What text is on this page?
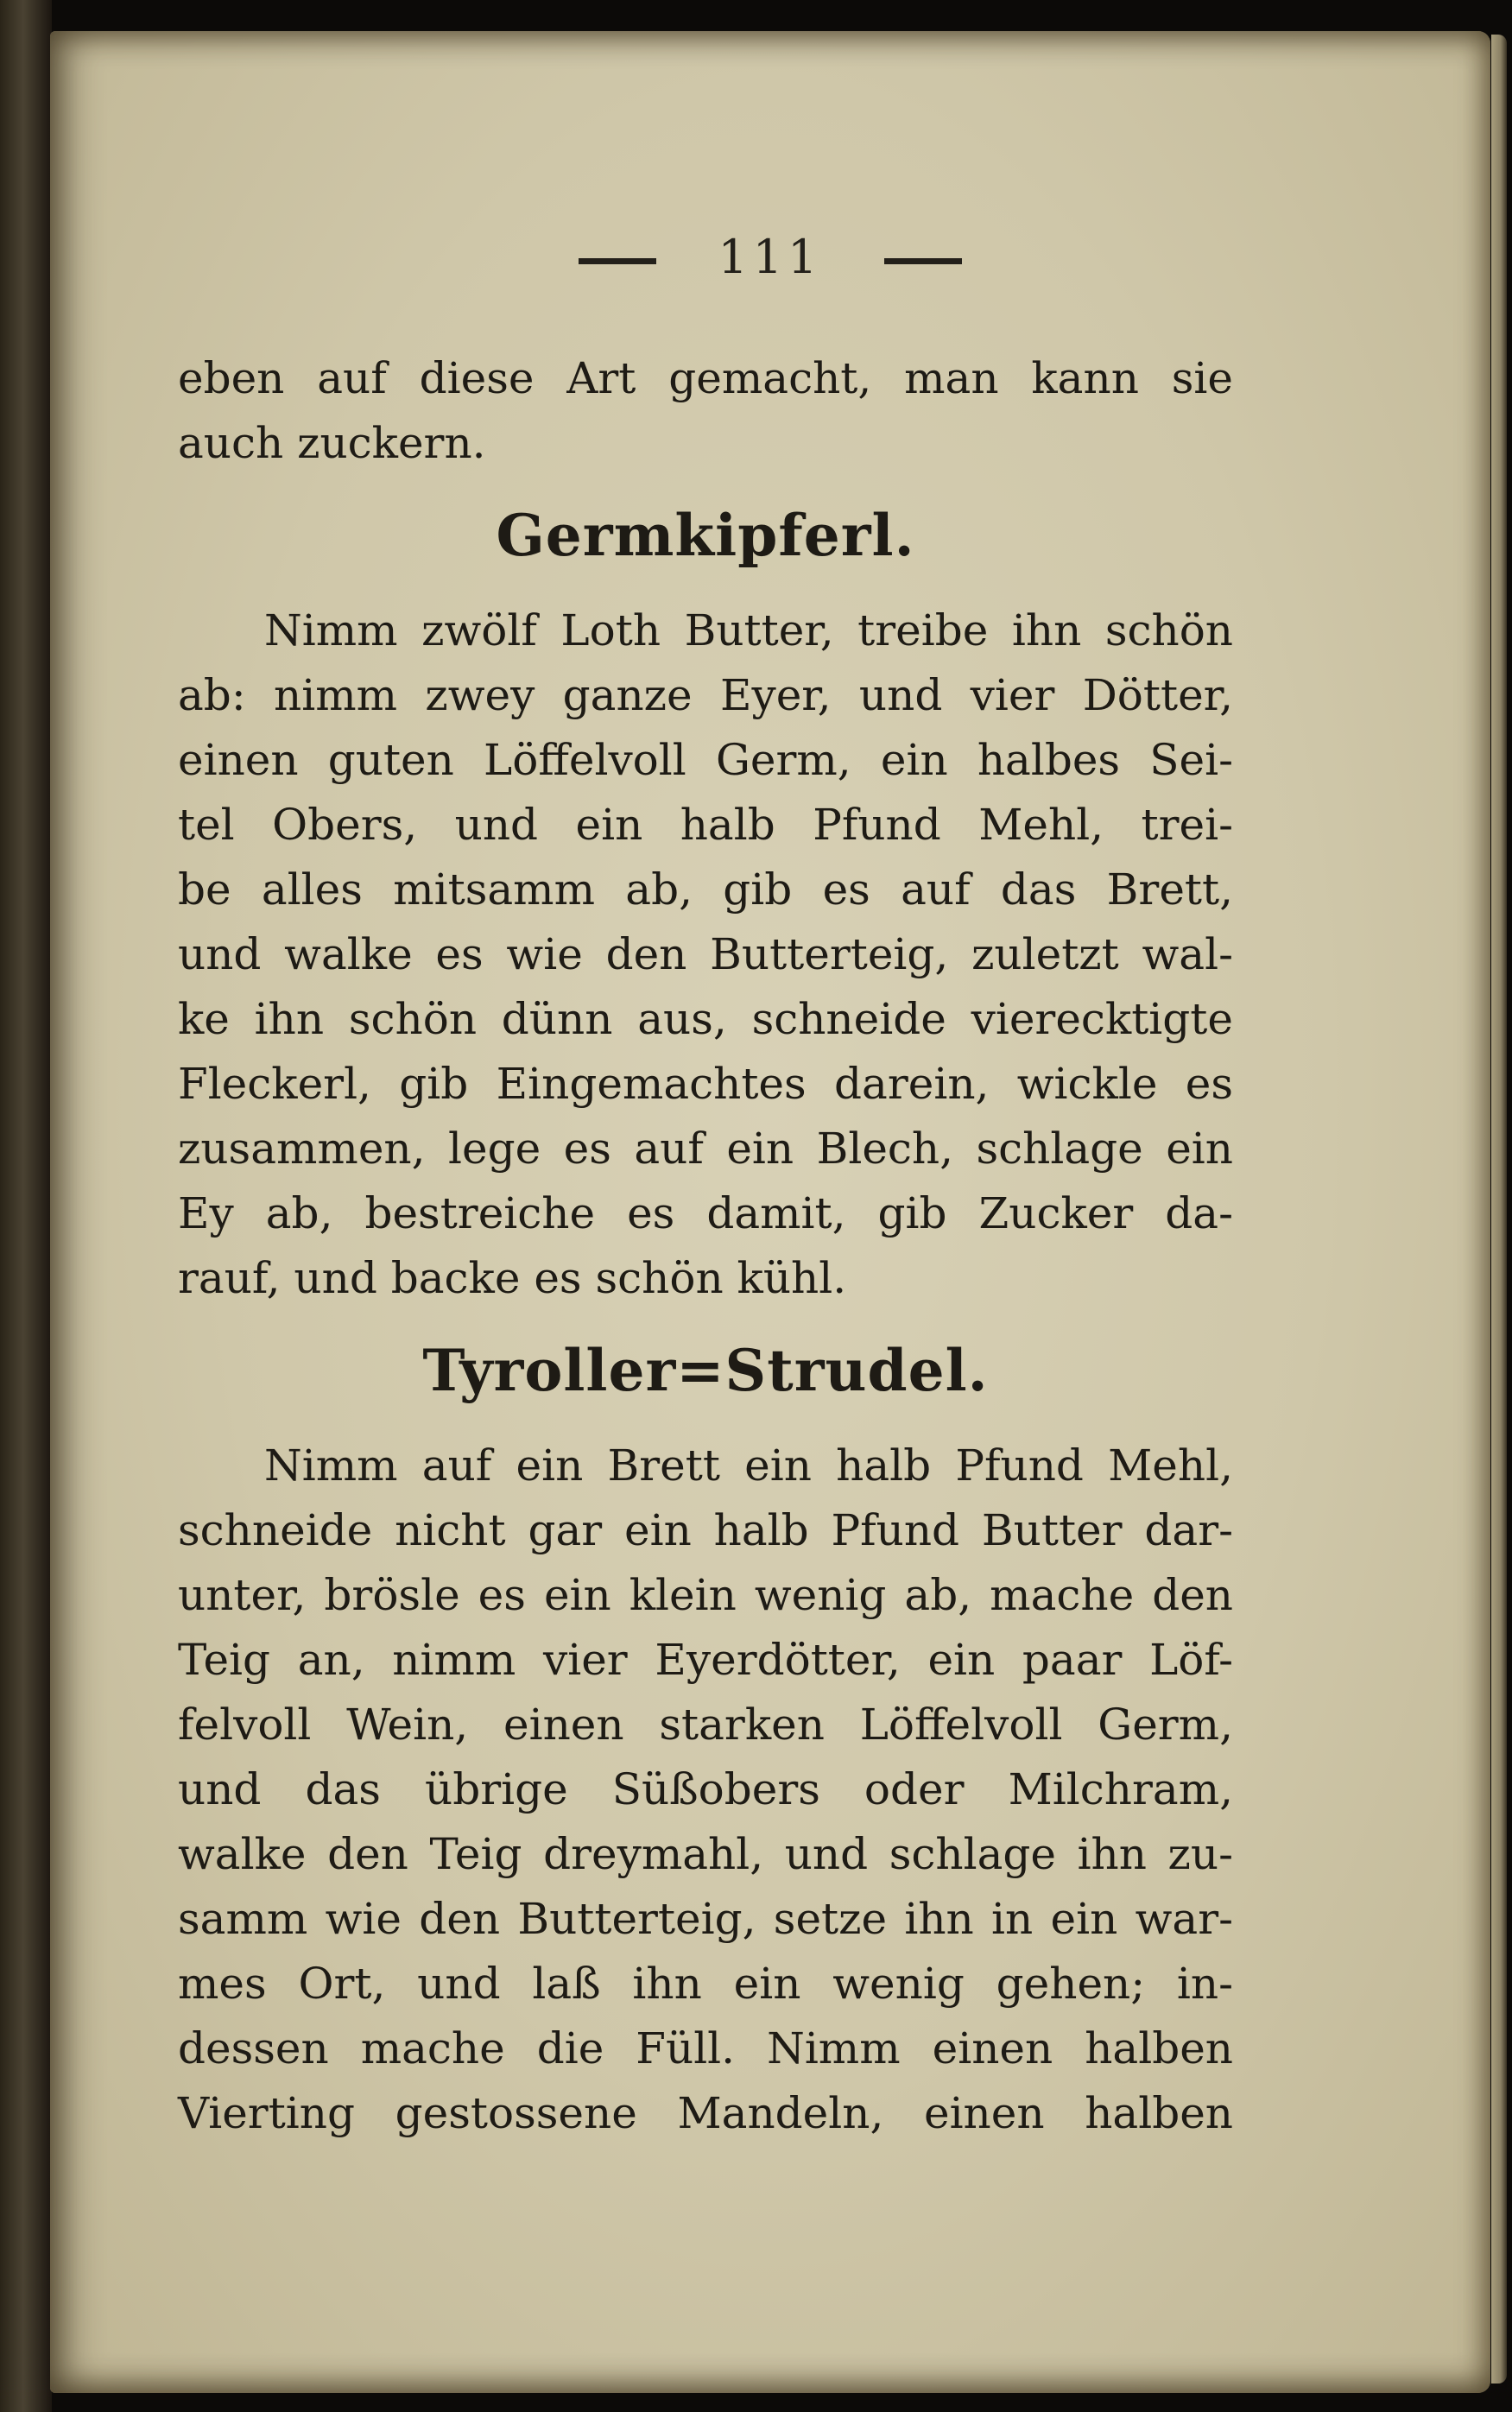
111
eben auf diese Art gemacht, man kann sie
auch zuckern.
Germkipferl.
Nimm zwölf Loth Butter, treibe ihn schön
ab: nimm zwey ganze Eyer, und vier Dötter,
einen guten Löffelvoll Germ, ein halbes Sei-
tel Obers, und ein halb Pfund Mehl, trei-
be alles mitsamm ab, gib es auf das Brett,
und walke es wie den Butterteig, zuletzt wal-
ke ihn schön dünn aus, schneide vierecktigte
Fleckerl, gib Eingemachtes darein, wickle es
zusammen, lege es auf ein Blech, schlage ein
Ey ab, bestreiche es damit, gib Zucker da-
rauf, und backe es schön kühl.
Tyroller=Strudel.
Nimm auf ein Brett ein halb Pfund Mehl,
schneide nicht gar ein halb Pfund Butter dar-
unter, brösle es ein klein wenig ab, mache den
Teig an, nimm vier Eyerdötter, ein paar Löf-
felvoll Wein, einen starken Löffelvoll Germ,
und das übrige Süßobers oder Milchram,
walke den Teig dreymahl, und schlage ihn zu-
samm wie den Butterteig, setze ihn in ein war-
mes Ort, und laß ihn ein wenig gehen; in-
dessen mache die Füll. Nimm einen halben
Vierting gestossene Mandeln, einen halben
